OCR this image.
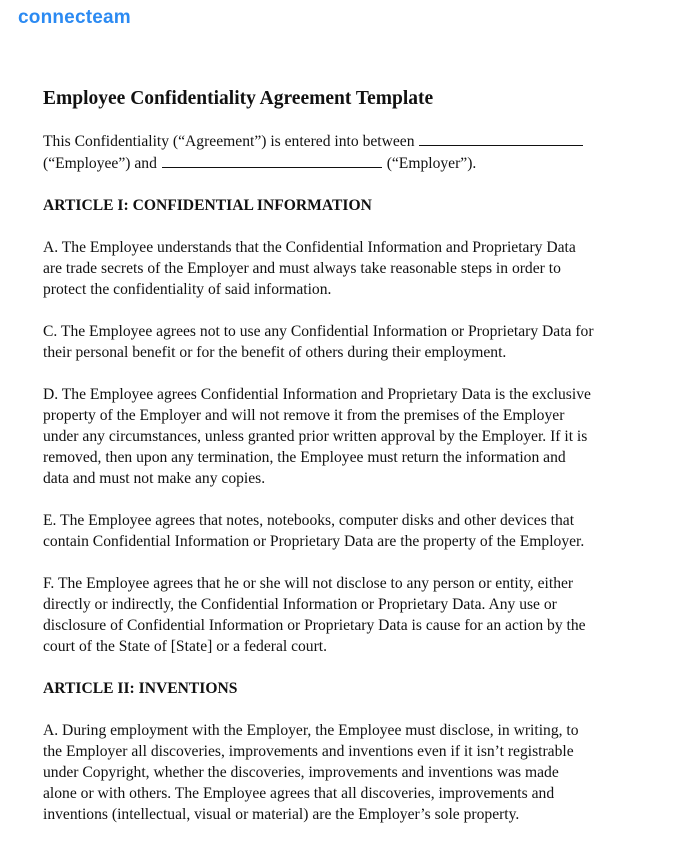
connecteam
Employee Confidentiality Agreement Template
This Confidentiality (“Agreement”) is entered into between
(“Employee”) and	(“Employer”).
ARTICLE I: CONFIDENTIAL INFORMATION
A. The Employee understands that the Confidential Information and Proprietary Data
are trade secrets of the Employer and must always take reasonable steps in order to
protect the confidentiality of said information.
C. The Employee agrees not to use any Confidential Information or Proprietary Data for
their personal benefit or for the benefit of others during their employment.
D. The Employee agrees Confidential Information and Proprietary Data is the exclusive
property of the Employer and will not remove it from the premises of the Employer
under any circumstances, unless granted prior written approval by the Employer. If it is
removed, then upon any termination, the Employee must return the information and
data and must not make any copies.
E. The Employee agrees that notes, notebooks, computer disks and other devices that
contain Confidential Information or Proprietary Data are the property of the Employer.
F. The Employee agrees that he or she will not disclose to any person or entity, either
directly or indirectly, the Confidential Information or Proprietary Data. Any use or
disclosure of Confidential Information or Proprietary Data is cause for an action by the
court of the State of [State] or a federal court.
ARTICLE II: INVENTIONS
A. During employment with the Employer, the Employee must disclose, in writing, to
the Employer all discoveries, improvements and inventions even if it isn’t registrable
under Copyright, whether the discoveries, improvements and inventions was made
alone or with others. The Employee agrees that all discoveries, improvements and
inventions (intellectual, visual or material) are the Employer’s sole property.
